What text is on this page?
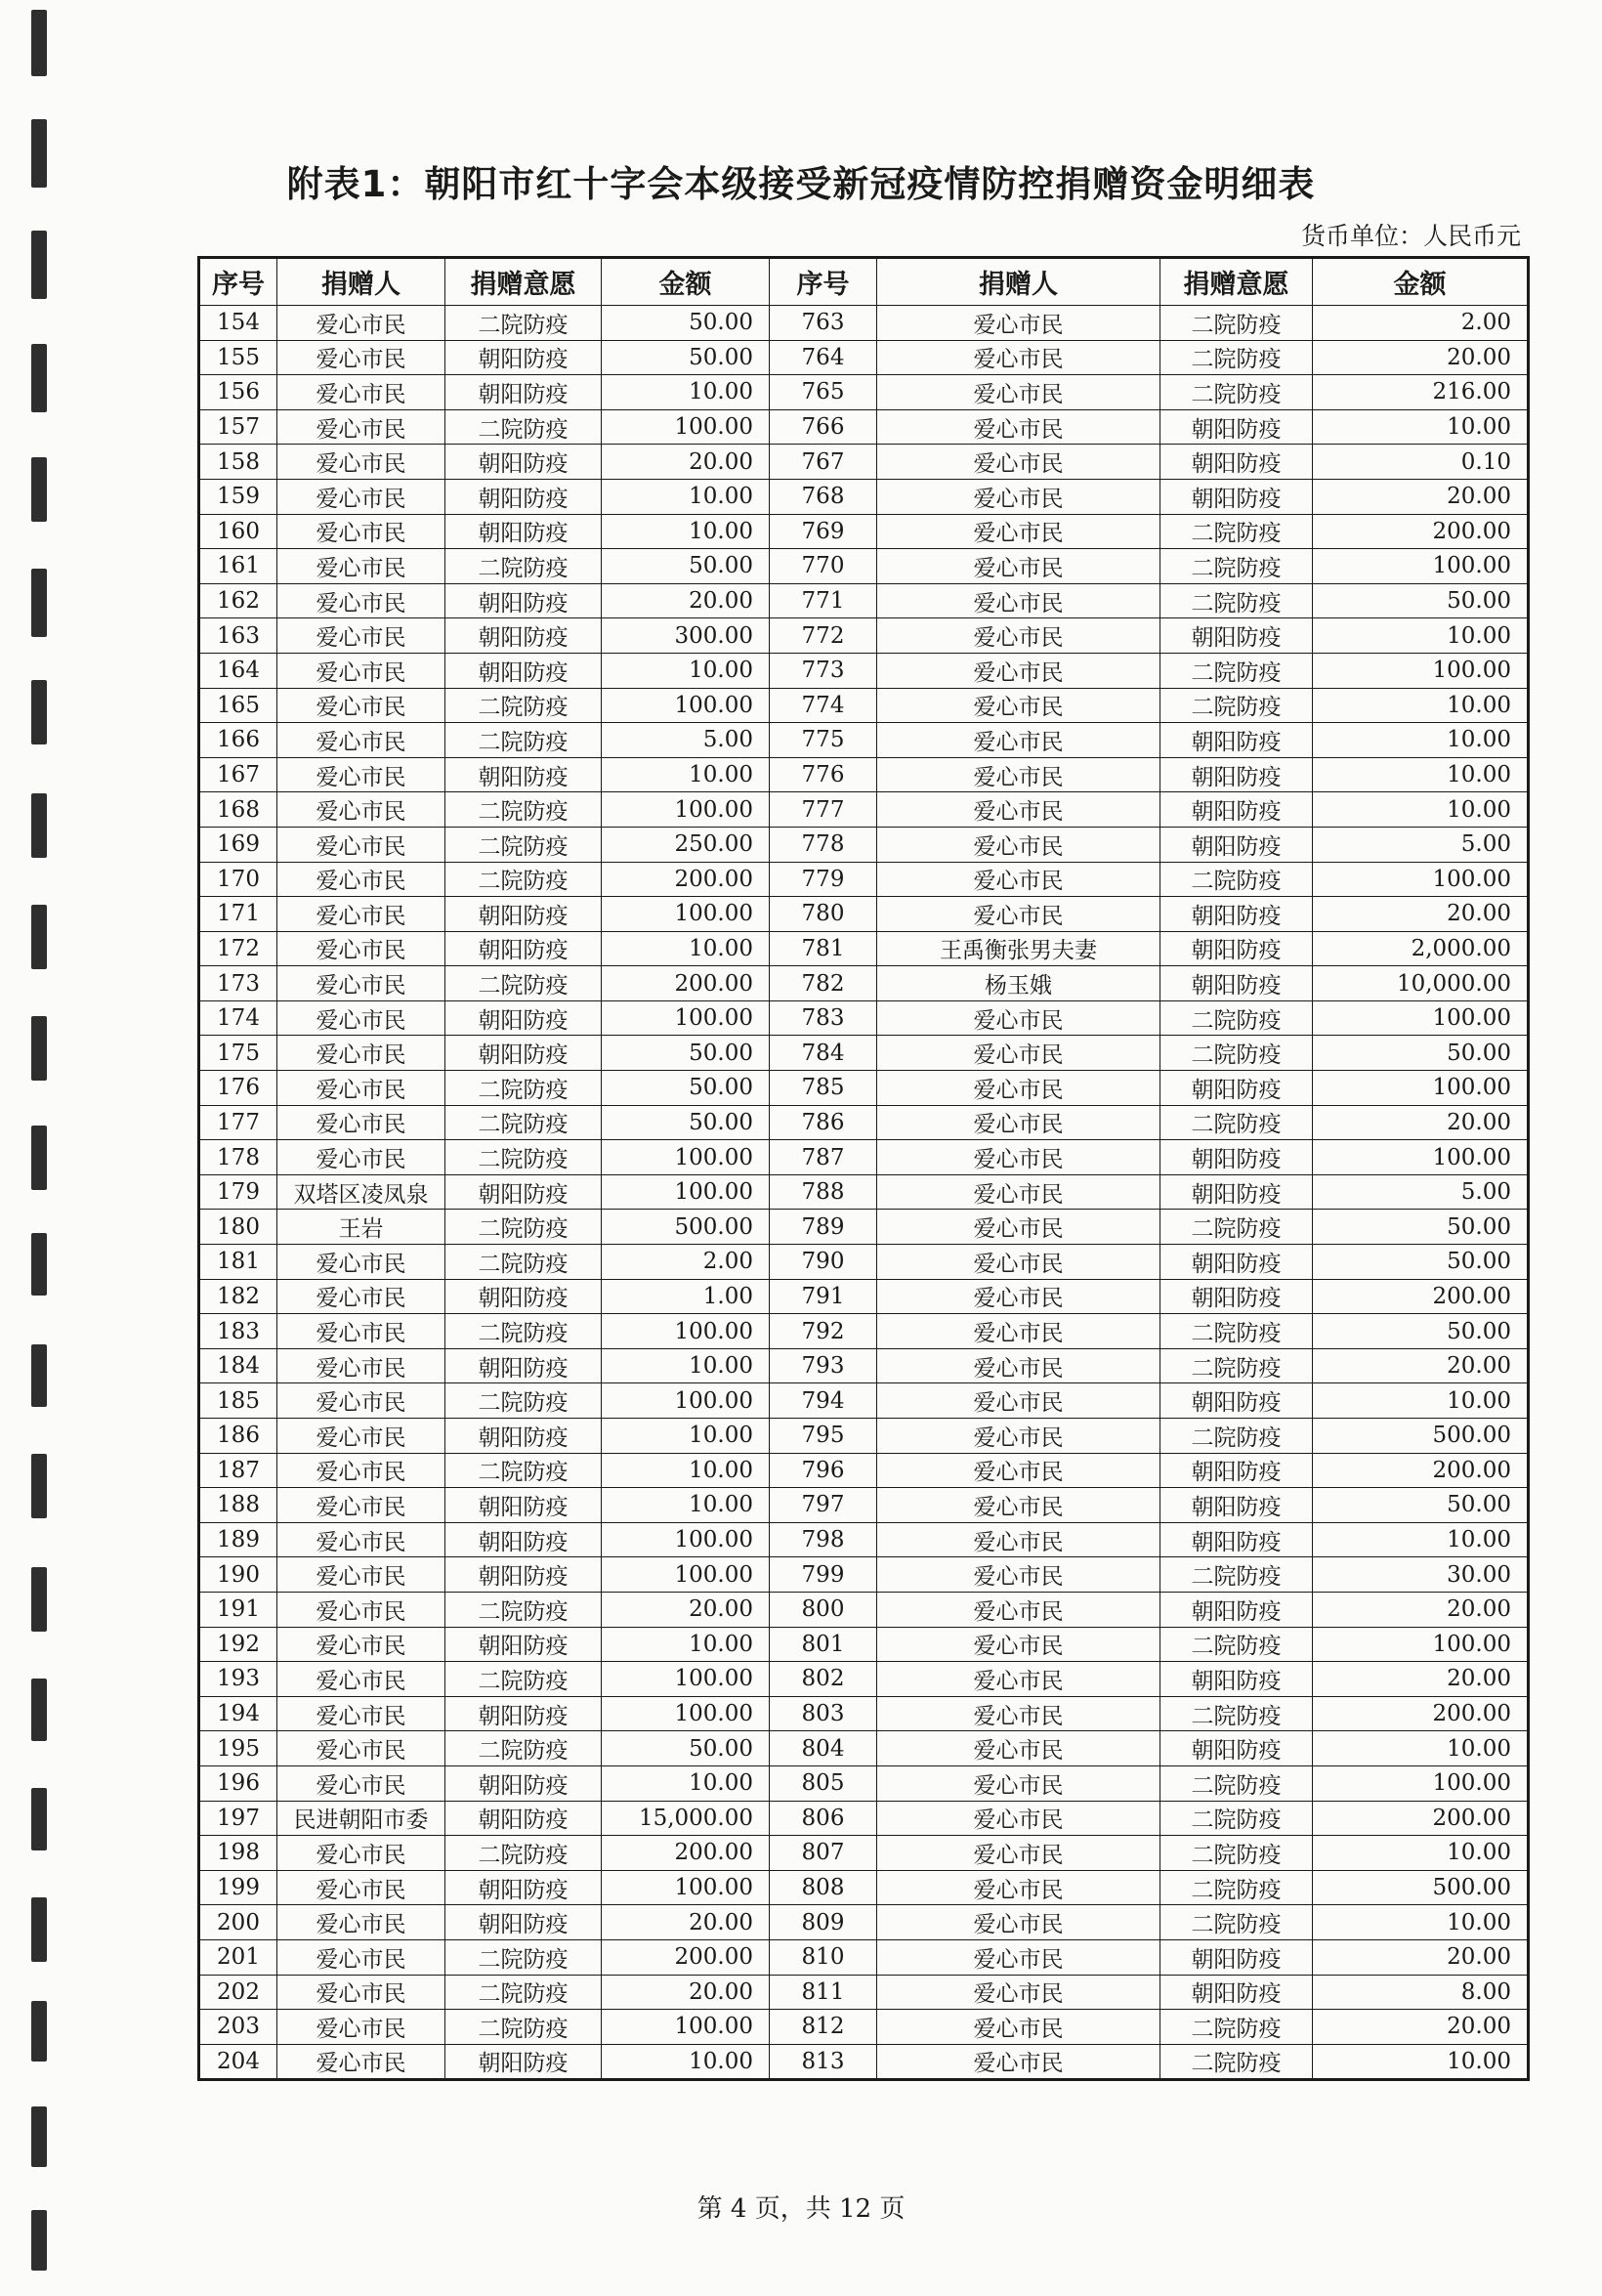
附表1：朝阳市红十字会本级接受新冠疫情防控捐赠资金明细表
货币单位：人民币元
序号	捐赠人	捐赠意愿	金额	序号	捐赠人	捐赠意愿	金额
154	爱心市民	二院防疫	50.00	763	爱心市民	二院防疫	2.00
155	爱心市民	朝阳防疫	50.00	764	爱心市民	二院防疫	20.00
156	爱心市民	朝阳防疫	10.00	765	爱心市民	二院防疫	216.00
157	爱心市民	二院防疫	100.00	766	爱心市民	朝阳防疫	10.00
158	爱心市民	朝阳防疫	20.00	767	爱心市民	朝阳防疫	0.10
159	爱心市民	朝阳防疫	10.00	768	爱心市民	朝阳防疫	20.00
160	爱心市民	朝阳防疫	10.00	769	爱心市民	二院防疫	200.00
161	爱心市民	二院防疫	50.00	770	爱心市民	二院防疫	100.00
162	爱心市民	朝阳防疫	20.00	771	爱心市民	二院防疫	50.00
163	爱心市民	朝阳防疫	300.00	772	爱心市民	朝阳防疫	10.00
164	爱心市民	朝阳防疫	10.00	773	爱心市民	二院防疫	100.00
165	爱心市民	二院防疫	100.00	774	爱心市民	二院防疫	10.00
166	爱心市民	二院防疫	5.00	775	爱心市民	朝阳防疫	10.00
167	爱心市民	朝阳防疫	10.00	776	爱心市民	朝阳防疫	10.00
168	爱心市民	二院防疫	100.00	777	爱心市民	朝阳防疫	10.00
169	爱心市民	二院防疫	250.00	778	爱心市民	朝阳防疫	5.00
170	爱心市民	二院防疫	200.00	779	爱心市民	二院防疫	100.00
171	爱心市民	朝阳防疫	100.00	780	爱心市民	朝阳防疫	20.00
172	爱心市民	朝阳防疫	10.00	781	王禹衡张男夫妻	朝阳防疫	2,000.00
173	爱心市民	二院防疫	200.00	782	杨玉娥	朝阳防疫	10,000.00
174	爱心市民	朝阳防疫	100.00	783	爱心市民	二院防疫	100.00
175	爱心市民	朝阳防疫	50.00	784	爱心市民	二院防疫	50.00
176	爱心市民	二院防疫	50.00	785	爱心市民	朝阳防疫	100.00
177	爱心市民	二院防疫	50.00	786	爱心市民	二院防疫	20.00
178	爱心市民	二院防疫	100.00	787	爱心市民	朝阳防疫	100.00
179	双塔区凌凤泉	朝阳防疫	100.00	788	爱心市民	朝阳防疫	5.00
180	王岩	二院防疫	500.00	789	爱心市民	二院防疫	50.00
181	爱心市民	二院防疫	2.00	790	爱心市民	朝阳防疫	50.00
182	爱心市民	朝阳防疫	1.00	791	爱心市民	朝阳防疫	200.00
183	爱心市民	二院防疫	100.00	792	爱心市民	二院防疫	50.00
184	爱心市民	朝阳防疫	10.00	793	爱心市民	二院防疫	20.00
185	爱心市民	二院防疫	100.00	794	爱心市民	朝阳防疫	10.00
186	爱心市民	朝阳防疫	10.00	795	爱心市民	二院防疫	500.00
187	爱心市民	二院防疫	10.00	796	爱心市民	朝阳防疫	200.00
188	爱心市民	朝阳防疫	10.00	797	爱心市民	朝阳防疫	50.00
189	爱心市民	朝阳防疫	100.00	798	爱心市民	朝阳防疫	10.00
190	爱心市民	朝阳防疫	100.00	799	爱心市民	二院防疫	30.00
191	爱心市民	二院防疫	20.00	800	爱心市民	朝阳防疫	20.00
192	爱心市民	朝阳防疫	10.00	801	爱心市民	二院防疫	100.00
193	爱心市民	二院防疫	100.00	802	爱心市民	朝阳防疫	20.00
194	爱心市民	朝阳防疫	100.00	803	爱心市民	二院防疫	200.00
195	爱心市民	二院防疫	50.00	804	爱心市民	朝阳防疫	10.00
196	爱心市民	朝阳防疫	10.00	805	爱心市民	二院防疫	100.00
197	民进朝阳市委	朝阳防疫	15,000.00	806	爱心市民	二院防疫	200.00
198	爱心市民	二院防疫	200.00	807	爱心市民	二院防疫	10.00
199	爱心市民	朝阳防疫	100.00	808	爱心市民	二院防疫	500.00
200	爱心市民	朝阳防疫	20.00	809	爱心市民	二院防疫	10.00
201	爱心市民	二院防疫	200.00	810	爱心市民	朝阳防疫	20.00
202	爱心市民	二院防疫	20.00	811	爱心市民	朝阳防疫	8.00
203	爱心市民	二院防疫	100.00	812	爱心市民	二院防疫	20.00
204	爱心市民	朝阳防疫	10.00	813	爱心市民	二院防疫	10.00
第 4 页，共 12 页
